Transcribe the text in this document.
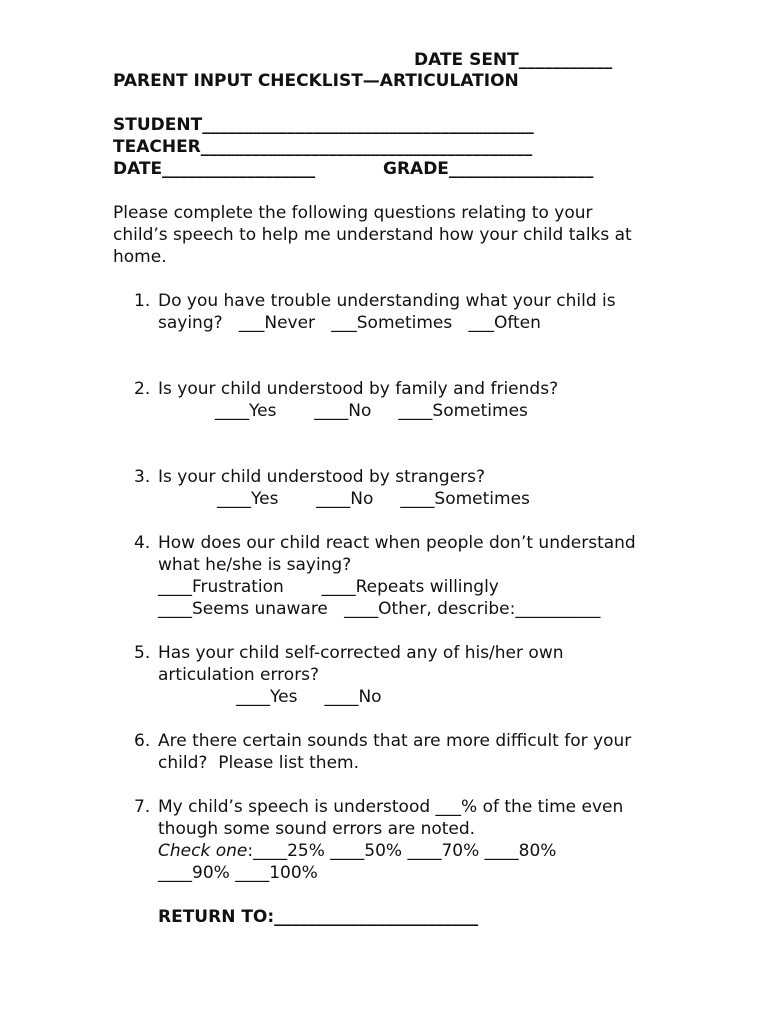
DATE SENT___________
PARENT INPUT CHECKLIST—ARTICULATION
STUDENT_______________________________________
TEACHER_______________________________________
DATE__________________	GRADE_________________
Please complete the following questions relating to your
child’s speech to help me understand how your child talks at
home.
1. Do you have trouble understanding what your child is
saying?   ___Never   ___Sometimes   ___Often
2. Is your child understood by family and friends?
____Yes       ____No     ____Sometimes
3. Is your child understood by strangers?
____Yes       ____No     ____Sometimes
4. How does our child react when people don’t understand
what he/she is saying?
____Frustration       ____Repeats willingly
____Seems unaware   ____Other, describe:__________
5. Has your child self-corrected any of his/her own
articulation errors?
____Yes     ____No
6. Are there certain sounds that are more difficult for your
child?  Please list them.
7. My child’s speech is understood ___% of the time even
though some sound errors are noted.
Check one:____25% ____50% ____70% ____80%
____90% ____100%
RETURN TO:________________________
